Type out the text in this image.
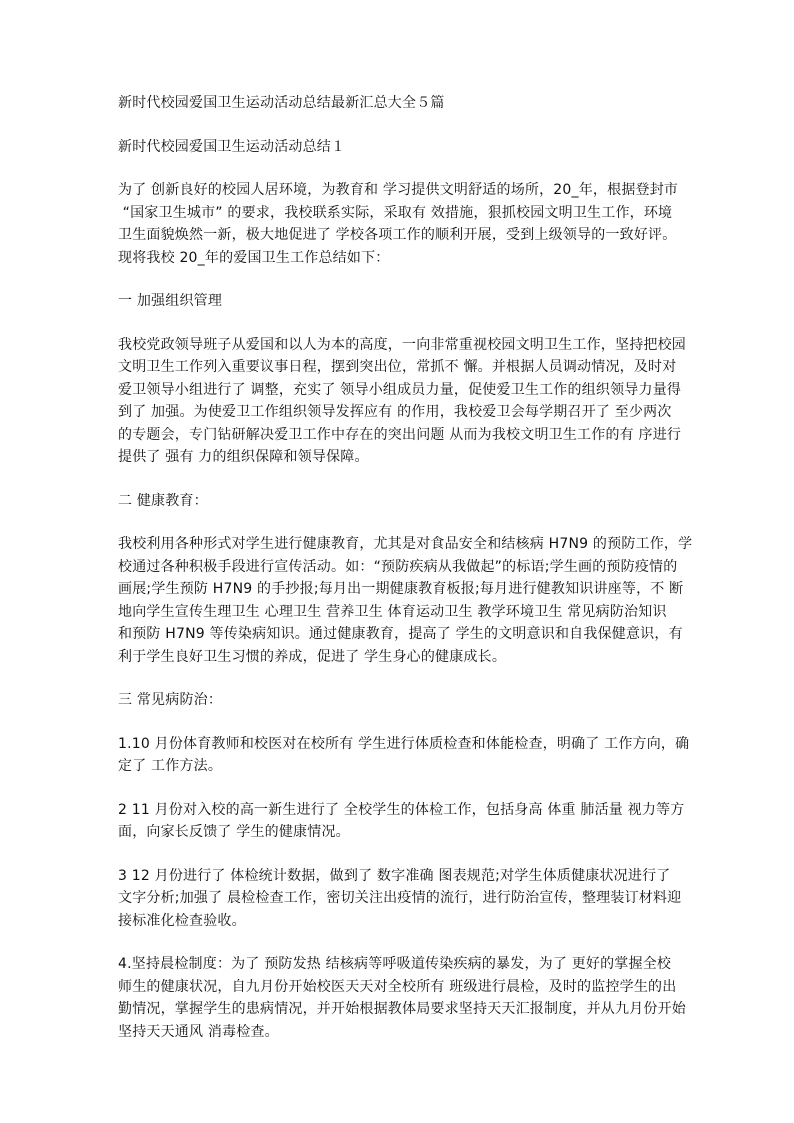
新时代校园爱国卫生运动活动总结最新汇总大全５篇
新时代校园爱国卫生运动活动总结１
为了 创新良好的校园人居环境，为教育和 学习提供文明舒适的场所，20_年，根据登封市
“国家卫生城市” 的要求，我校联系实际，采取有 效措施，狠抓校园文明卫生工作，环境
卫生面貌焕然一新，极大地促进了 学校各项工作的顺利开展，受到上级领导的一致好评。
现将我校 20_年的爱国卫生工作总结如下：
一 加强组织管理
我校党政领导班子从爱国和以人为本的高度，一向非常重视校园文明卫生工作，坚持把校园
文明卫生工作列入重要议事日程，摆到突出位，常抓不 懈。并根据人员调动情况，及时对
爱卫领导小组进行了 调整，充实了 领导小组成员力量，促使爱卫生工作的组织领导力量得
到了 加强。为使爱卫工作组织领导发挥应有 的作用，我校爱卫会每学期召开了 至少两次
的专题会，专门钻研解决爱卫工作中存在的突出问题 从而为我校文明卫生工作的有 序进行
提供了 强有 力的组织保障和领导保障。
二 健康教育：
我校利用各种形式对学生进行健康教育，尤其是对食品安全和结核病 H7N9 的预防工作，学
校通过各种积极手段进行宣传活动。如：“预防疾病从我做起”的标语;学生画的预防疫情的
画展;学生预防 H7N9 的手抄报;每月出一期健康教育板报;每月进行健教知识讲座等，不 断
地向学生宣传生理卫生 心理卫生 营养卫生 体育运动卫生 教学环境卫生 常见病防治知识
和预防 H7N9 等传染病知识。通过健康教育，提高了 学生的文明意识和自我保健意识，有
利于学生良好卫生习惯的养成，促进了 学生身心的健康成长。
三 常见病防治：
1.10 月份体育教师和校医对在校所有 学生进行体质检查和体能检查，明确了 工作方向，确
定了 工作方法。
2 11 月份对入校的高一新生进行了 全校学生的体检工作，包括身高 体重 肺活量 视力等方
面，向家长反馈了 学生的健康情况。
3 12 月份进行了 体检统计数据，做到了 数字准确 图表规范;对学生体质健康状况进行了
文字分析;加强了 晨检检查工作，密切关注出疫情的流行，进行防治宣传，整理装订材料迎
接标准化检查验收。
4.坚持晨检制度：为了 预防发热 结核病等呼吸道传染疾病的暴发，为了 更好的掌握全校
师生的健康状况，自九月份开始校医天天对全校所有 班级进行晨检，及时的监控学生的出
勤情况，掌握学生的患病情况，并开始根据教体局要求坚持天天汇报制度，并从九月份开始
坚持天天通风 消毒检查。
